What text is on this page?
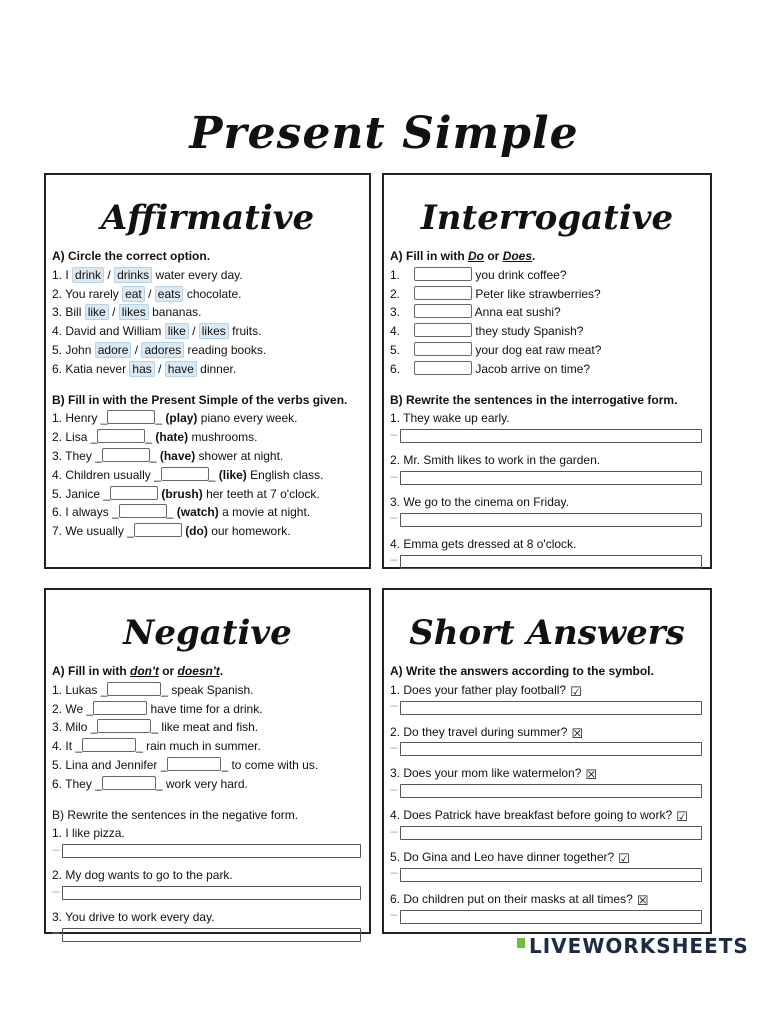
Present Simple
Affirmative
A) Circle the correct option.
1. I drink / drinks water every day.
2. You rarely eat / eats chocolate.
3. Bill like / likes bananas.
4. David and William like / likes fruits.
5. John adore / adores reading books.
6. Katia never has / have dinner.
B) Fill in with the Present Simple of the verbs given.
1. Henry _	_ (play) piano every week.
2. Lisa _	_ (hate) mushrooms.
3. They _	_ (have) shower at night.
4. Children usually _	_ (like) English class.
5. Janice _	(brush) her teeth at 7 o'clock.
6. I always _	_ (watch) a movie at night.
7. We usually _	(do) our homework.
Interrogative
A) Fill in with Do or Does.
1.	you drink coffee?
2.	Peter like strawberries?
3.	Anna eat sushi?
4.	they study Spanish?
5.	your dog eat raw meat?
6.	Jacob arrive on time?
B) Rewrite the sentences in the interrogative form.
1. They wake up early.
---
2. Mr. Smith likes to work in the garden.
---
3. We go to the cinema on Friday.
---
4. Emma gets dressed at 8 o'clock.
---
Negative
A) Fill in with don't or doesn't.
1. Lukas _	_ speak Spanish.
2. We _	have time for a drink.
3. Milo _	_ like meat and fish.
4. It _	_ rain much in summer.
5. Lina and Jennifer _	_ to come with us.
6. They _	_ work very hard.
B) Rewrite the sentences in the negative form.
1. I like pizza.
---
2. My dog wants to go to the park.
---
3. You drive to work every day.
---
Short Answers
A) Write the answers according to the symbol.
1. Does your father play football? ☑
---
2. Do they travel during summer? ☒
---
3. Does your mom like watermelon? ☒
---
4. Does Patrick have breakfast before going to work? ☑
---
5. Do Gina and Leo have dinner together? ☑
---
6. Do children put on their masks at all times? ☒
---
LIVEWORKSHEETS
